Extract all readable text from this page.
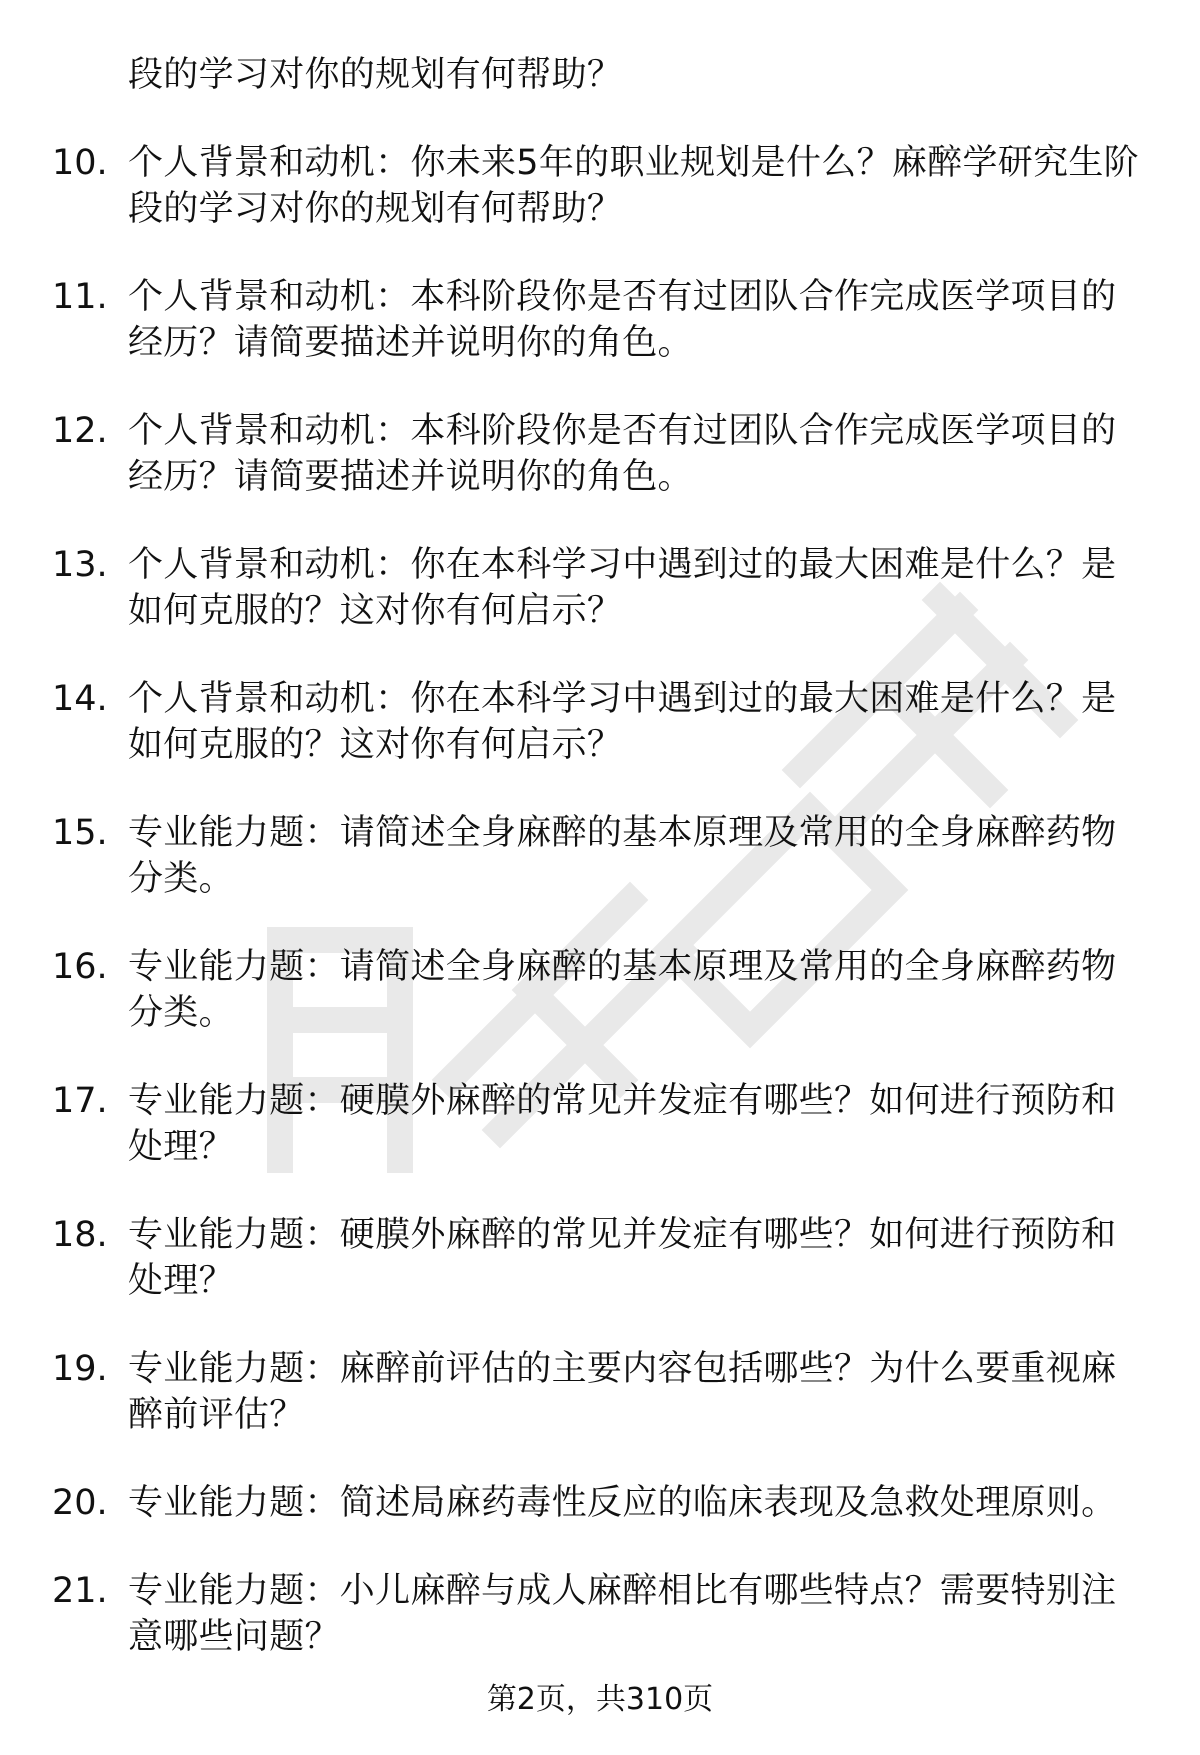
段的学习对你的规划有何帮助？
10. 个人背景和动机：你未来5年的职业规划是什么？麻醉学研究生阶段的学习对你的规划有何帮助？
11. 个人背景和动机：本科阶段你是否有过团队合作完成医学项目的经历？请简要描述并说明你的角色。
12. 个人背景和动机：本科阶段你是否有过团队合作完成医学项目的经历？请简要描述并说明你的角色。
13. 个人背景和动机：你在本科学习中遇到过的最大困难是什么？是如何克服的？这对你有何启示？
14. 个人背景和动机：你在本科学习中遇到过的最大困难是什么？是如何克服的？这对你有何启示？
15. 专业能力题：请简述全身麻醉的基本原理及常用的全身麻醉药物分类。
16. 专业能力题：请简述全身麻醉的基本原理及常用的全身麻醉药物分类。
17. 专业能力题：硬膜外麻醉的常见并发症有哪些？如何进行预防和处理？
18. 专业能力题：硬膜外麻醉的常见并发症有哪些？如何进行预防和处理？
19. 专业能力题：麻醉前评估的主要内容包括哪些？为什么要重视麻醉前评估？
20. 专业能力题：简述局麻药毒性反应的临床表现及急救处理原则。
21. 专业能力题：小儿麻醉与成人麻醉相比有哪些特点？需要特别注意哪些问题？
第2页，共310页
